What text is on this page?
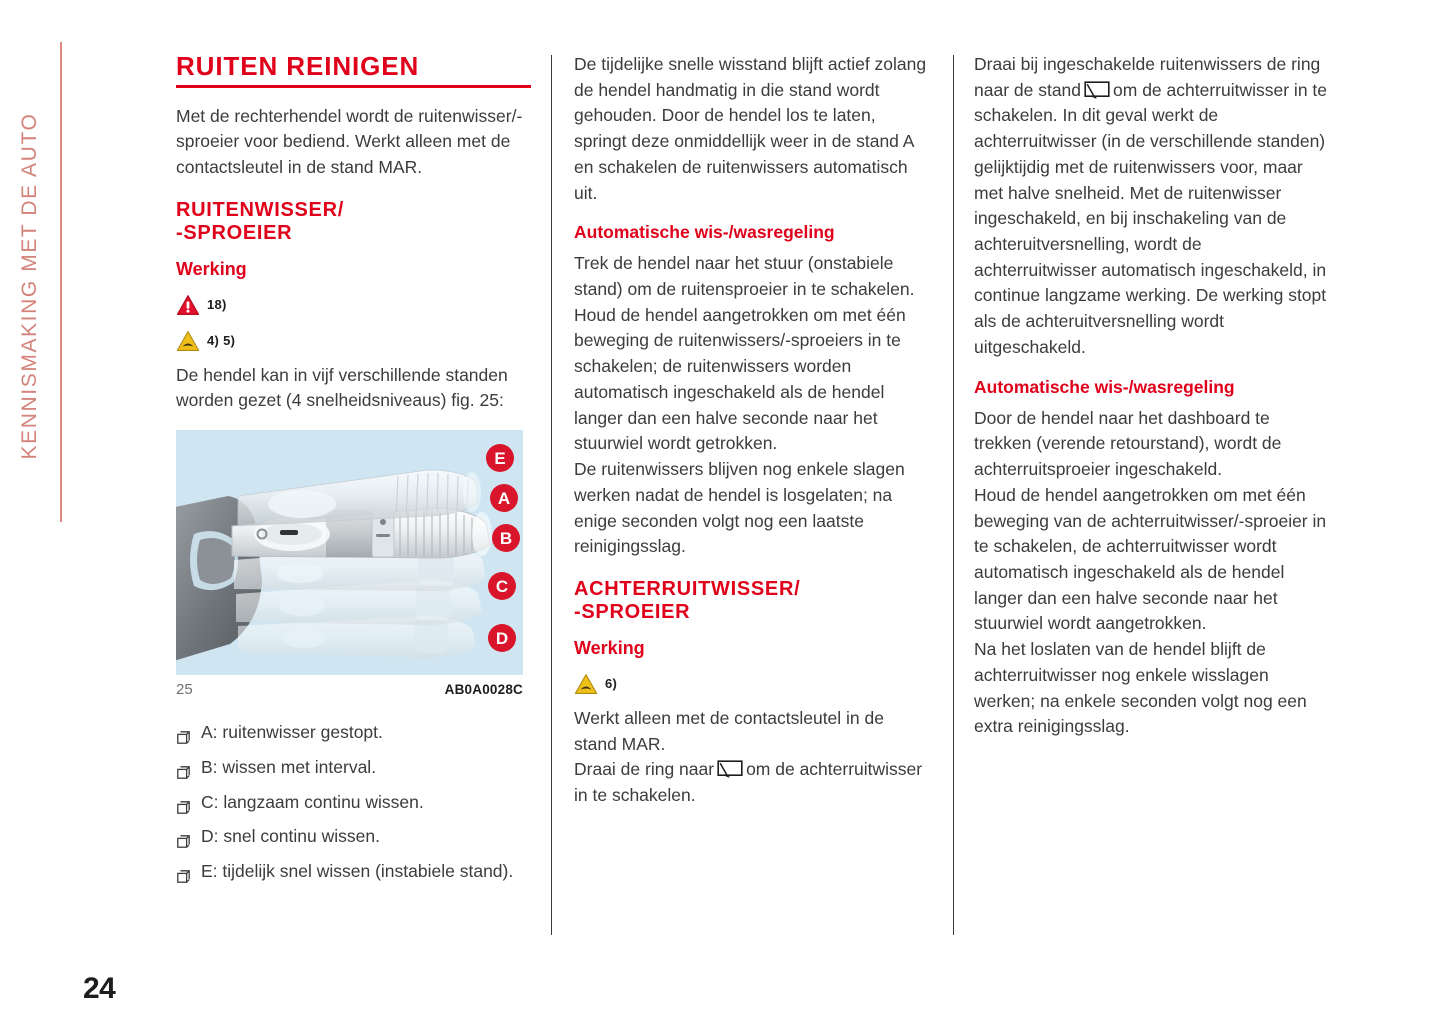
KENNISMAKING MET DE AUTO
24
RUITEN REINIGEN

Met de rechterhendel wordt de ruitenwisser/-sproeier voor bediend. Werkt alleen met de contactsleutel in de stand MAR.

RUITENWISSER/
-SPROEIER
Werking
18)
4) 5)

De hendel kan in vijf verschillende standen worden gezet (4 snelheidsniveaus) fig. 25:

E
A
B
C
D
25	AB0A0028C
A: ruitenwisser gestopt.
B: wissen met interval.
C: langzaam continu wissen.
D: snel continu wissen.
E: tijdelijk snel wissen (instabiele stand).

De tijdelijke snelle wisstand blijft actief zolang de hendel handmatig in die stand wordt gehouden. Door de hendel los te laten, springt deze onmiddellijk weer in de stand A en schakelen de ruitenwissers automatisch uit.

Automatische wis-/wasregeling

Trek de hendel naar het stuur (onstabiele stand) om de ruitensproeier in te schakelen.

Houd de hendel aangetrokken om met één beweging de ruitenwissers/-sproeiers in te schakelen; de ruitenwissers worden automatisch ingeschakeld als de hendel langer dan een halve seconde naar het stuurwiel wordt getrokken.

De ruitenwissers blijven nog enkele slagen werken nadat de hendel is losgelaten; na enige seconden volgt nog een laatste reinigingsslag.

ACHTERRUITWISSER/
-SPROEIER
Werking
6)

Werkt alleen met de contactsleutel in de stand MAR.

Draai de ring naar om de achterruitwisser in te schakelen.

Draai bij ingeschakelde ruitenwissers de ring naar de stand om de achterruitwisser in te schakelen. In dit geval werkt de achterruitwisser (in de verschillende standen) gelijktijdig met de ruitenwissers voor, maar met halve snelheid. Met de ruitenwisser ingeschakeld, en bij inschakeling van de achteruitversnelling, wordt de achterruitwisser automatisch ingeschakeld, in continue langzame werking. De werking stopt als de achteruitversnelling wordt uitgeschakeld.

Automatische wis-/wasregeling

Door de hendel naar het dashboard te trekken (verende retourstand), wordt de achterruitsproeier ingeschakeld.

Houd de hendel aangetrokken om met één beweging van de achterruitwisser/-sproeier in te schakelen, de achterruitwisser wordt automatisch ingeschakeld als de hendel langer dan een halve seconde naar het stuurwiel wordt aangetrokken.

Na het loslaten van de hendel blijft de achterruitwisser nog enkele wisslagen werken; na enkele seconden volgt nog een extra reinigingsslag.
